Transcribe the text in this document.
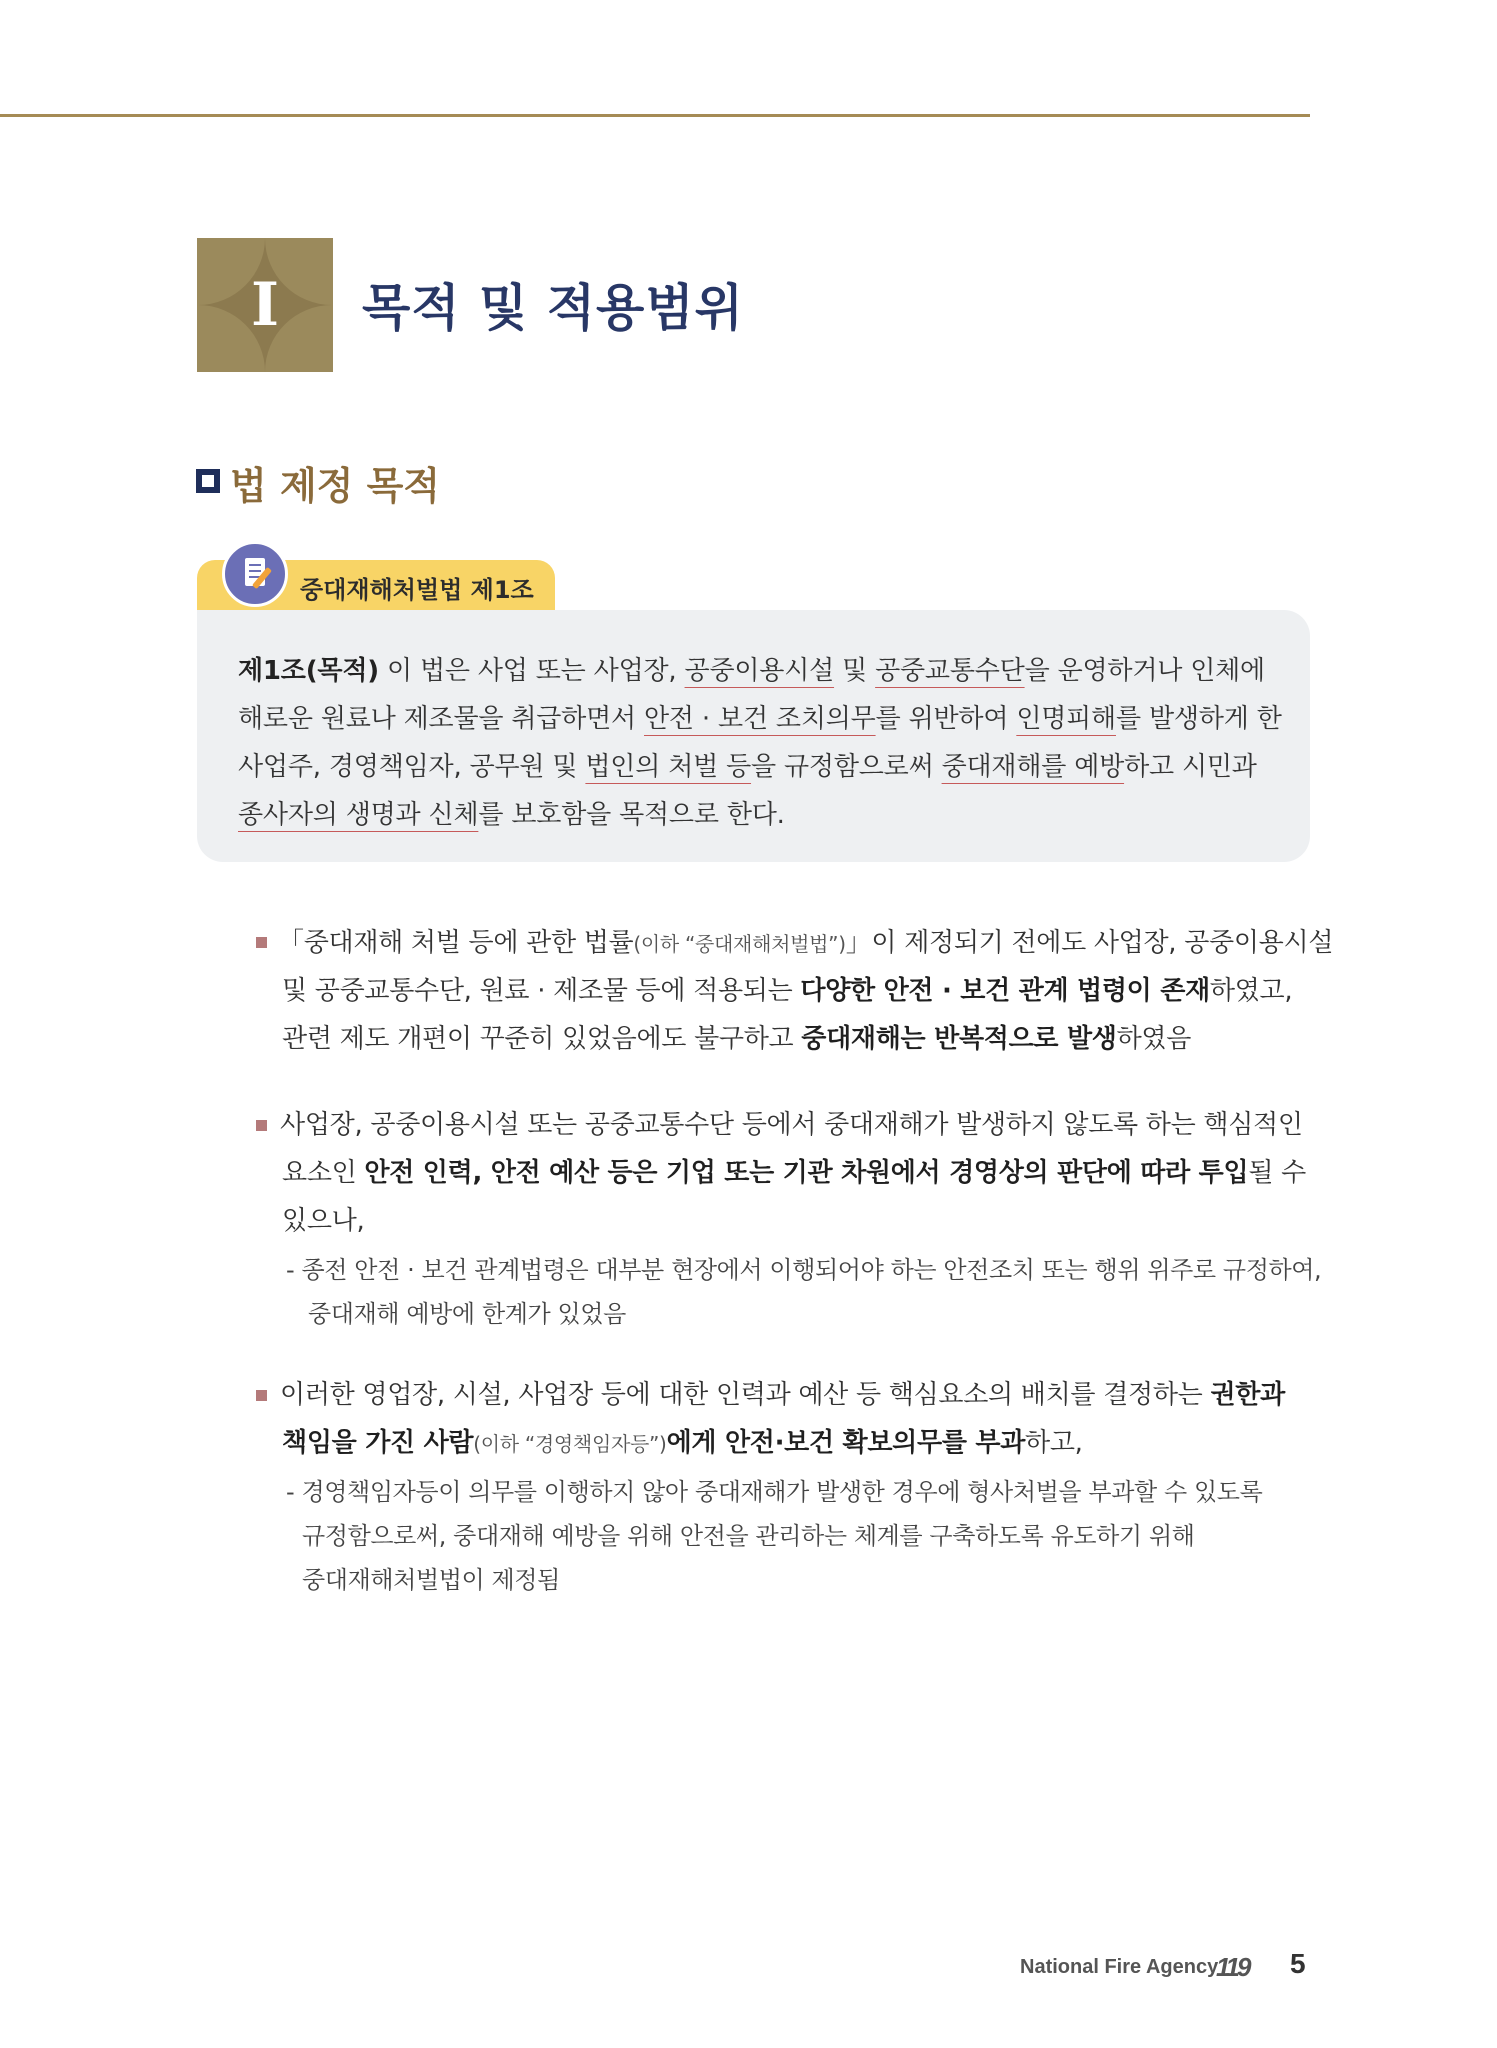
I	목적 및 적용범위
법 제정 목적
중대재해처벌법 제1조
제1조(목적) 이 법은 사업 또는 사업장, 공중이용시설 및 공중교통수단을 운영하거나 인체에
해로운 원료나 제조물을 취급하면서 안전 · 보건 조치의무를 위반하여 인명피해를 발생하게 한
사업주, 경영책임자, 공무원 및 법인의 처벌 등을 규정함으로써 중대재해를 예방하고 시민과
종사자의 생명과 신체를 보호함을 목적으로 한다.
「중대재해 처벌 등에 관한 법률(이하 “중대재해처벌법”)」이 제정되기 전에도 사업장, 공중이용시설
및 공중교통수단, 원료 · 제조물 등에 적용되는 다양한 안전 · 보건 관계 법령이 존재하였고,
관련 제도 개편이 꾸준히 있었음에도 불구하고 중대재해는 반복적으로 발생하였음
사업장, 공중이용시설 또는 공중교통수단 등에서 중대재해가 발생하지 않도록 하는 핵심적인
요소인 안전 인력, 안전 예산 등은 기업 또는 기관 차원에서 경영상의 판단에 따라 투입될 수
있으나,
- 종전 안전 · 보건 관계법령은 대부분 현장에서 이행되어야 하는 안전조치 또는 행위 위주로 규정하여,
중대재해 예방에 한계가 있었음
이러한 영업장, 시설, 사업장 등에 대한 인력과 예산 등 핵심요소의 배치를 결정하는 권한과
책임을 가진 사람(이하 “경영책임자등”)에게 안전·보건 확보의무를 부과하고,
- 경영책임자등이 의무를 이행하지 않아 중대재해가 발생한 경우에 형사처벌을 부과할 수 있도록
규정함으로써, 중대재해 예방을 위해 안전을 관리하는 체계를 구축하도록 유도하기 위해
중대재해처벌법이 제정됨
National Fire Agency
119 5
